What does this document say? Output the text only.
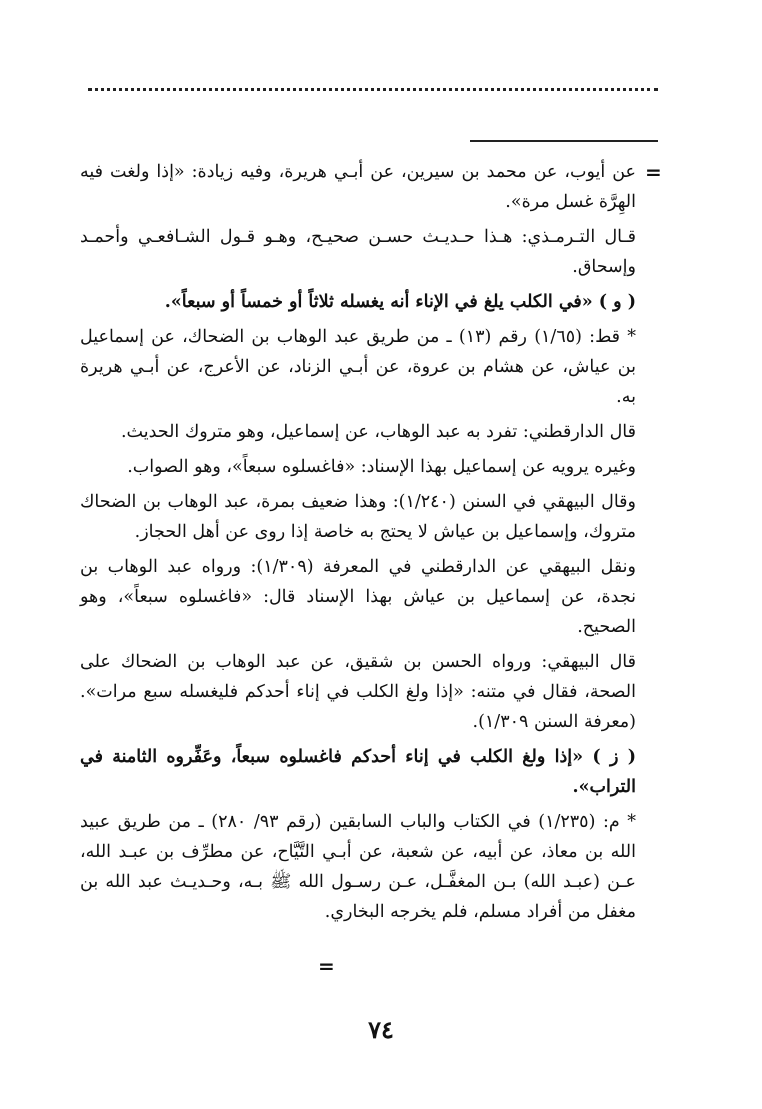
=

عن أيوب، عن محمد بن سيرين، عن أبـي هريرة، وفيه زيادة: «إذا ولغت فيه الهِرَّة غسل مرة».

قـال التـرمـذي: هـذا حـديـث حسـن صحيـح، وهـو قـول الشـافعـي وأحمـد وإسحاق.

( و ) «في الكلب يلغ في الإناء أنه يغسله ثلاثاً أو خمساً أو سبعاً».

* قط: (١/٦٥) رقم (١٣) ـ من طريق عبد الوهاب بن الضحاك، عن إسماعيل بن عياش، عن هشام بن عروة، عن أبـي الزناد، عن الأعرج، عن أبـي هريرة به.

قال الدارقطني: تفرد به عبد الوهاب، عن إسماعيل، وهو متروك الحديث.

وغيره يرويه عن إسماعيل بهذا الإسناد: «فاغسلوه سبعاً»، وهو الصواب.

وقال البيهقي في السنن (١/٢٤٠): وهذا ضعيف بمرة، عبد الوهاب بن الضحاك متروك، وإسماعيل بن عياش لا يحتج به خاصة إذا روى عن أهل الحجاز.

ونقل البيهقي عن الدارقطني في المعرفة (١/٣٠٩): ورواه عبد الوهاب بن نجدة، عن إسماعيل بن عياش بهذا الإسناد قال: «فاغسلوه سبعاً»، وهو الصحيح.

قال البيهقي: ورواه الحسن بن شقيق، عن عبد الوهاب بن الضحاك على الصحة، فقال في متنه: «إذا ولغ الكلب في إناء أحدكم فليغسله سبع مرات». (معرفة السنن ١/٣٠٩).

( ز ) «إذا ولغ الكلب في إناء أحدكم فاغسلوه سبعاً، وعَفِّروه الثامنة في التراب».

* م: (١/٢٣٥) في الكتاب والباب السابقين (رقم ٩٣/ ٢٨٠) ـ من طريق عبيد الله بن معاذ، عن أبيه، عن شعبة، عن أبـي التَّيَّاح، عن مطرِّف بن عبـد الله، عـن (عبـد الله) بـن المغفَّـل، عـن رسـول الله ﷺ بـه، وحـديـث عبد الله بن مغفل من أفراد مسلم، فلم يخرجه البخاري.

=
٧٤
